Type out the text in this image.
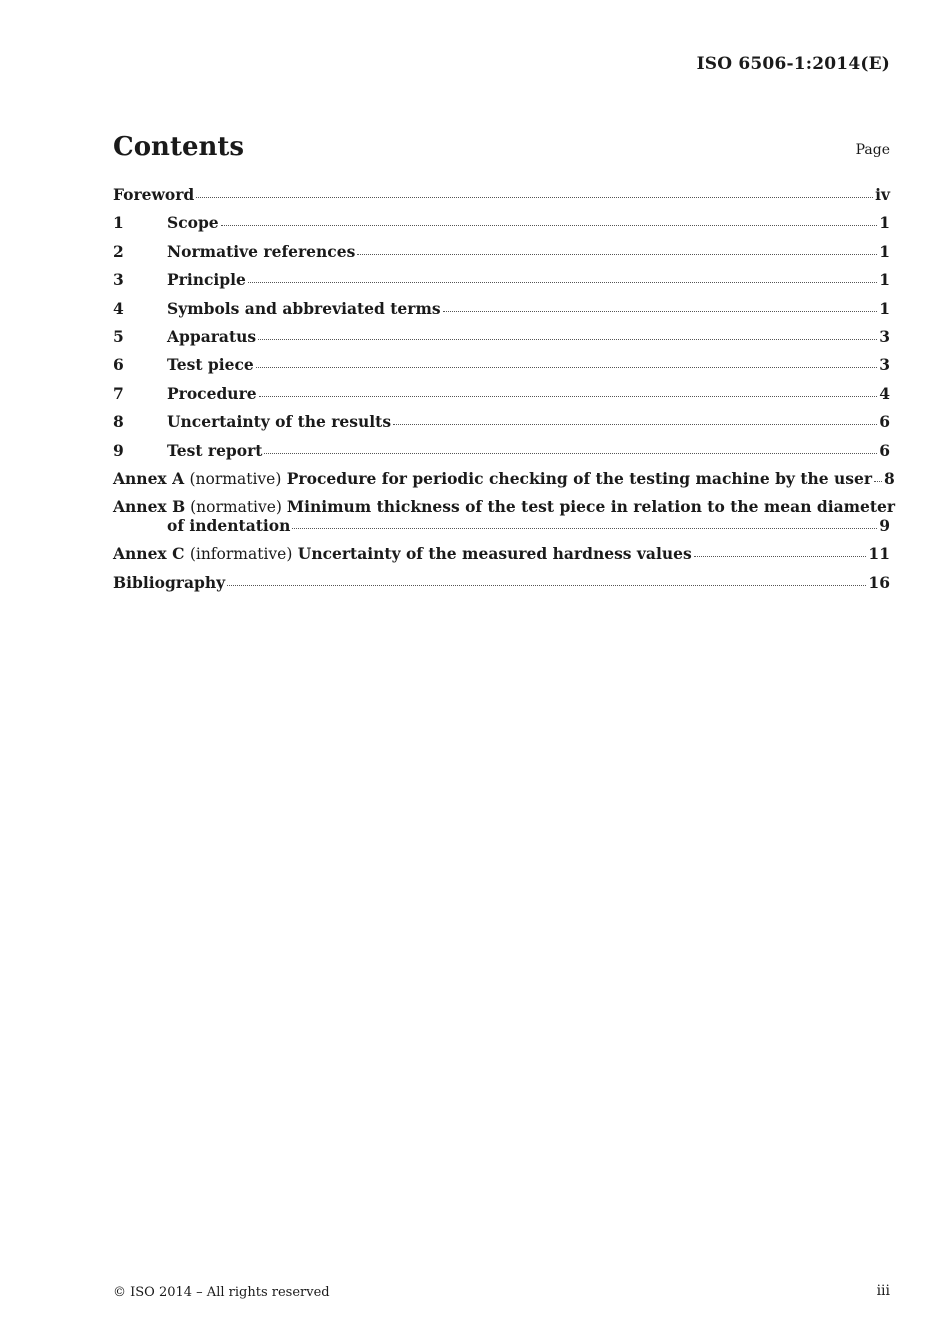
ISO 6506-1:2014(E)
Contents	Page
Foreword	iv
1	Scope	1
2	Normative references	1
3	Principle	1
4	Symbols and abbreviated terms	1
5	Apparatus	3
6	Test piece	3
7	Procedure	4
8	Uncertainty of the results	6
9	Test report	6
Annex A (normative) Procedure for periodic checking of the testing machine by the user 8
Annex B (normative) Minimum thickness of the test piece in relation to the mean diameter
of indentation	9
Annex C (informative) Uncertainty of the measured hardness values	11
Bibliography	16
© ISO 2014 – All rights reserved	iii
